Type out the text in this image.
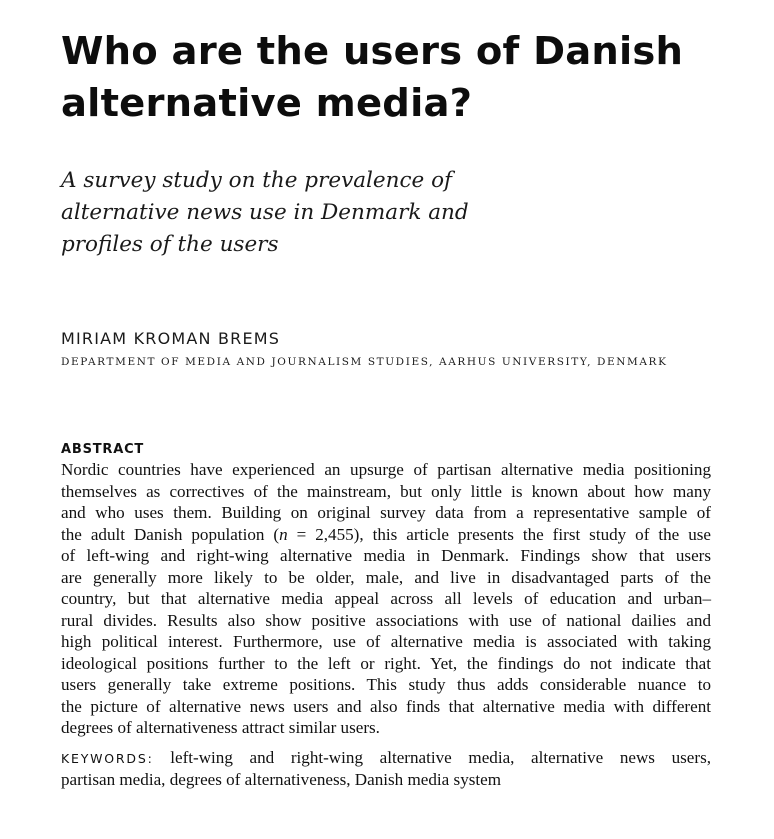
Who are the users of Danish
alternative media?
A survey study on the prevalence of
alternative news use in Denmark and
profiles of the users
MIRIAM KROMAN BREMS
DEPARTMENT OF MEDIA AND JOURNALISM STUDIES, AARHUS UNIVERSITY, DENMARK
ABSTRACT
Nordic countries have experienced an upsurge of partisan alternative media positioning
themselves as correctives of the mainstream, but only little is known about how many
and who uses them. Building on original survey data from a representative sample of
the adult Danish population (n = 2,455), this article presents the first study of the use
of left-wing and right-wing alternative media in Denmark. Findings show that users
are generally more likely to be older, male, and live in disadvantaged parts of the
country, but that alternative media appeal across all levels of education and urban–
rural divides. Results also show positive associations with use of national dailies and
high political interest. Furthermore, use of alternative media is associated with taking
ideological positions further to the left or right. Yet, the findings do not indicate that
users generally take extreme positions. This study thus adds considerable nuance to
the picture of alternative news users and also finds that alternative media with different
degrees of alternativeness attract similar users.
KEYWORDS: left-wing and right-wing alternative media, alternative news users,
partisan media, degrees of alternativeness, Danish media system
